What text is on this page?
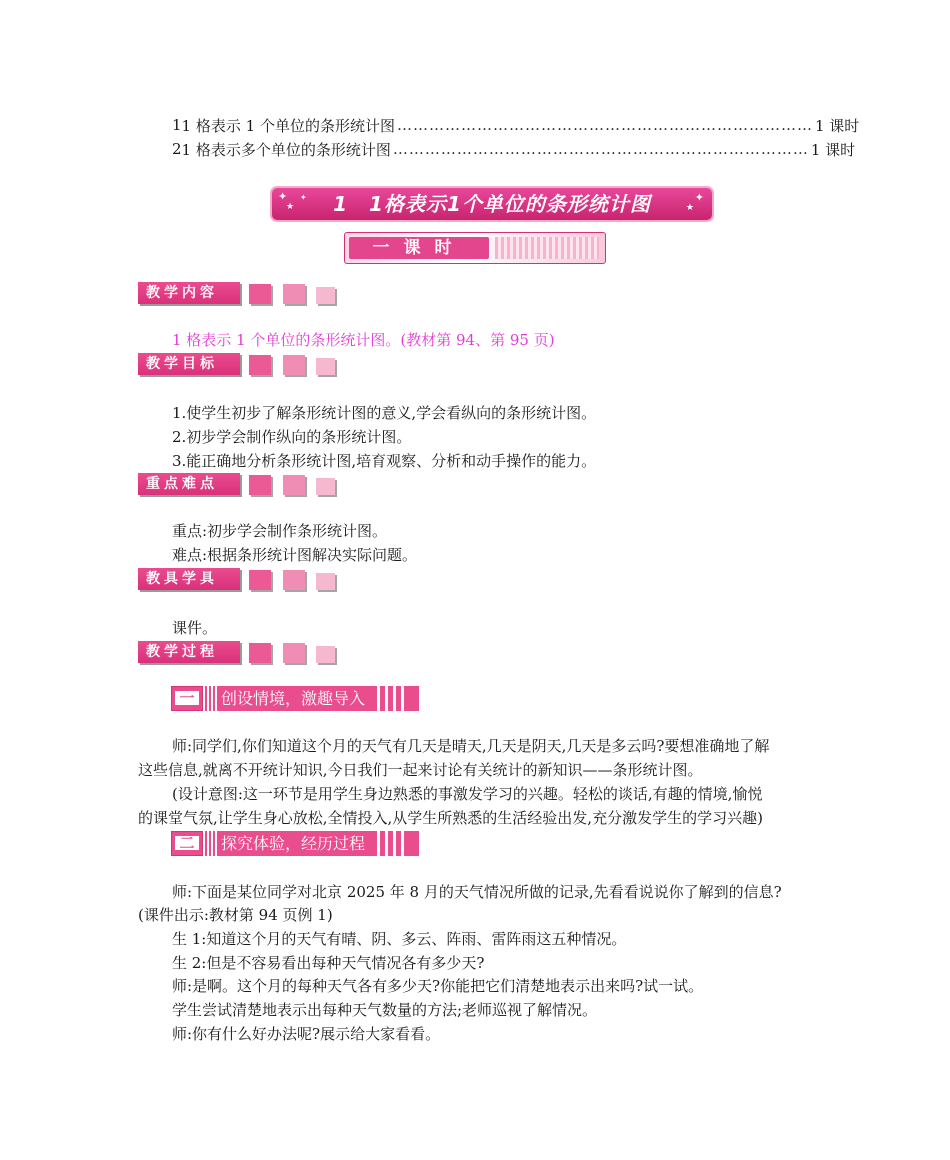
1 1 格表示 1 个单位的条形统计图 …………………………………………………………………… 1 课时
2 1 格表示多个单位的条形统计图 …………………………………………………………………… 1 课时
✦
★
✦	✦
★
1　1格表示1个单位的条形统计图
一课时
教学内容
1 格表示 1 个单位的条形统计图。(教材第 94、第 95 页)
教学目标
1.使学生初步了解条形统计图的意义,学会看纵向的条形统计图。
2.初步学会制作纵向的条形统计图。
3.能正确地分析条形统计图,培育观察、分析和动手操作的能力。
重点难点
重点:初步学会制作条形统计图。
难点:根据条形统计图解决实际问题。
教具学具
课件。
教学过程
一	创设情境，激趣导入
师:同学们,你们知道这个月的天气有几天是晴天,几天是阴天,几天是多云吗?要想准确地了解
这些信息,就离不开统计知识,今日我们一起来讨论有关统计的新知识——条形统计图。
(设计意图:这一环节是用学生身边熟悉的事激发学习的兴趣。轻松的谈话,有趣的情境,愉悦
的课堂气氛,让学生身心放松,全情投入,从学生所熟悉的生活经验出发,充分激发学生的学习兴趣)
二	探究体验，经历过程
师:下面是某位同学对北京 2025 年 8 月的天气情况所做的记录,先看看说说你了解到的信息?
(课件出示:教材第 94 页例 1)
生 1:知道这个月的天气有晴、阴、多云、阵雨、雷阵雨这五种情况。
生 2:但是不容易看出每种天气情况各有多少天?
师:是啊。这个月的每种天气各有多少天?你能把它们清楚地表示出来吗?试一试。
学生尝试清楚地表示出每种天气数量的方法;老师巡视了解情况。
师:你有什么好办法呢?展示给大家看看。
